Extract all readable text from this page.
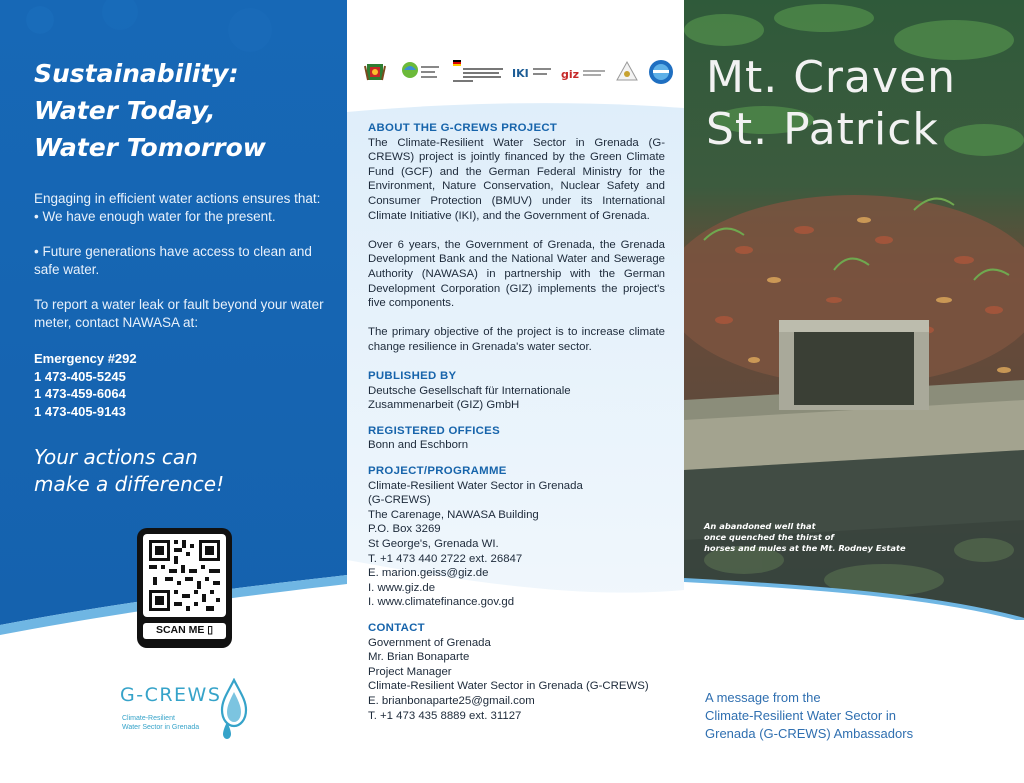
Sustainability:
Water Today,
Water Tomorrow

Engaging in efficient water actions ensures that:

• We have enough water for the present.

• Future generations have access to clean and safe water.

To report a water leak or fault beyond your water meter, contact NAWASA at:
Emergency #292
1 473-405-5245
1 473-459-6064
1 473-405-9143
Your actions can
make a difference!
SCAN ME ▯
G-CREWS
Climate-Resilient
Water Sector in Grenada
IKI	giz
ABOUT THE G-CREWS PROJECT

The Climate-Resilient Water Sector in Grenada (G-CREWS) project is jointly financed by the Green Climate Fund (GCF) and the German Federal Ministry for the Environment, Nature Conservation, Nuclear Safety and Consumer Protection (BMUV) under its International Climate Initiative (IKI), and the Government of Grenada.

Over 6 years, the Government of Grenada, the Grenada Development Bank and the National Water and Sewerage Authority (NAWASA) in partnership with the German Development Corporation (GIZ) implements the project's five components.

The primary objective of the project is to increase climate change resilience in Grenada's water sector.

PUBLISHED BY

Deutsche Gesellschaft für Internationale

Zusammenarbeit (GIZ) GmbH

REGISTERED OFFICES

Bonn and Eschborn

PROJECT/PROGRAMME

Climate-Resilient Water Sector in Grenada

(G-CREWS)

The Carenage, NAWASA Building

P.O. Box 3269

St George's, Grenada WI.

T. +1 473 440 2722 ext. 26847

E. marion.geiss@giz.de

I. www.giz.de

I. www.climatefinance.gov.gd

CONTACT

Government of Grenada

Mr. Brian Bonaparte

Project Manager

Climate-Resilient Water Sector in Grenada (G-CREWS)

E. brianbonaparte25@gmail.com

T. +1 473 435 8889 ext. 31127

Mt. Craven
St. Patrick
An abandoned well that
once quenched the thirst of
horses and mules at the Mt. Rodney Estate
A message from the
Climate-Resilient Water Sector in
Grenada (G-CREWS) Ambassadors
